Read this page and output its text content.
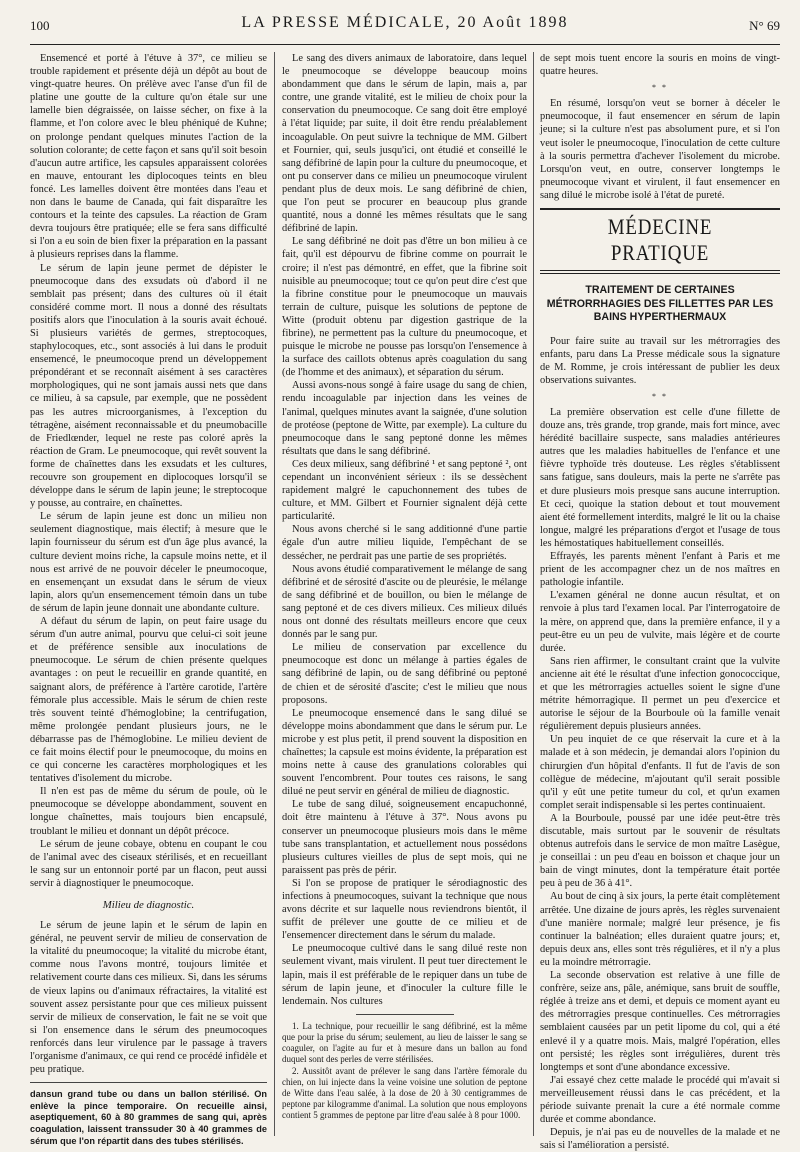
100	LA PRESSE MÉDICALE, 20 Août 1898	N° 69

Ensemencé et porté à l'étuve à 37°, ce milieu se trouble rapidement et présente déjà un dépôt au bout de vingt-quatre heures. On prélève avec l'anse d'un fil de platine une goutte de la culture qu'on étale sur une lamelle bien dégraissée, on laisse sécher, on fixe à la flamme, et l'on colore avec le bleu phéniqué de Kuhne; on prolonge pendant quelques minutes l'action de la solution colorante; de cette façon et sans qu'il soit besoin d'aucun autre artifice, les capsules apparaissent colorées en mauve, entourant les diplocoques teints en bleu foncé. Les lamelles doivent être montées dans l'eau et non dans le baume de Canada, qui fait disparaître les contours et la teinte des capsules. La réaction de Gram devra toujours être pratiquée; elle se fera sans difficulté si l'on a eu soin de bien fixer la préparation en la passant à plusieurs reprises dans la flamme.

Le sérum de lapin jeune permet de dépister le pneumocoque dans des exsudats où d'abord il ne semblait pas présent; dans des cultures où il était considéré comme mort. Il nous a donné des résultats positifs alors que l'inoculation à la souris avait échoué. Si plusieurs variétés de germes, streptocoques, staphylocoques, etc., sont associés à lui dans le produit ensemencé, le pneumocoque prend un développement prépondérant et se reconnaît aisément à ses caractères morphologiques, qui ne sont jamais aussi nets que dans ce milieu, à sa capsule, par exemple, que ne possèdent pas les autres microorganismes, à l'exception du tétragène, aisément reconnaissable et du pneumobacille de Friedlœnder, lequel ne reste pas coloré après la réaction de Gram. Le pneumocoque, qui revêt souvent la forme de chaînettes dans les exsudats et les cultures, recouvre son groupement en diplocoques lorsqu'il se développe dans le sérum de lapin jeune; le streptocoque y pousse, au contraire, en chaînettes.

Le sérum de lapin jeune est donc un milieu non seulement diagnostique, mais électif; à mesure que le lapin fournisseur du sérum est d'un âge plus avancé, la culture devient moins riche, la capsule moins nette, et il nous est arrivé de ne pouvoir déceler le pneumocoque, en ensemençant un exsudat dans le sérum de vieux lapin, alors qu'un ensemencement témoin dans un tube de sérum de lapin jeune donnait une abondante culture.

A défaut du sérum de lapin, on peut faire usage du sérum d'un autre animal, pourvu que celui-ci soit jeune et de préférence sensible aux inoculations de pneumocoque. Le sérum de chien présente quelques avantages : on peut le recueillir en grande quantité, en saignant alors, de préférence à l'artère carotide, l'artère fémorale plus accessible. Mais le sérum de chien reste très souvent teinté d'hémoglobine; la centrifugation, même prolongée pendant plusieurs jours, ne le débarrasse pas de l'hémoglobine. Le milieu devient de ce fait moins électif pour le pneumocoque, du moins en ce qui concerne les caractères morphologiques et les tentatives d'isolement du microbe.

Il n'en est pas de même du sérum de poule, où le pneumocoque se développe abondamment, souvent en longue chaînettes, mais toujours bien encapsulé, troublant le milieu et donnant un dépôt précoce.

Le sérum de jeune cobaye, obtenu en coupant le cou de l'animal avec des ciseaux stérilisés, et en recueillant le sang sur un entonnoir porté par un flacon, peut aussi servir à diagnostiquer le pneumocoque.

Milieu de diagnostic.

Le sérum de jeune lapin et le sérum de lapin en général, ne peuvent servir de milieu de conservation de la vitalité du pneumocoque; la vitalité du microbe étant, comme nous l'avons montré, toujours limitée et relativement courte dans ces milieux. Si, dans les sérums de vieux lapins ou d'animaux réfractaires, la vitalité est souvent assez persistante pour que ces milieux puissent servir de milieux de conservation, le fait ne se voit que si l'on ensemence dans le sérum des pneumocoques renforcés dans leur virulence par le passage à travers l'organisme d'animaux, ce qui rend ce procédé infidèle et peu pratique.

dansun grand tube ou dans un ballon stérilisé. On enlève la pince temporaire. On recueille ainsi, aseptiquement, 60 à 80 grammes de sang qui, après coagulation, laissent transsuder 30 à 40 grammes de sérum que l'on répartit dans des tubes stérilisés.

Le sang des divers animaux de laboratoire, dans lequel le pneumocoque se développe beaucoup moins abondamment que dans le sérum de lapin, mais a, par contre, une grande vitalité, est le milieu de choix pour la conservation du pneumocoque. Ce sang doit être employé à l'état liquide; par suite, il doit être rendu préalablement incoagulable. On peut suivre la technique de MM. Gilbert et Fournier, qui, seuls jusqu'ici, ont étudié et conseillé le sang défibriné de lapin pour la culture du pneumocoque, et ont pu conserver dans ce milieu un pneumocoque virulent pendant plus de deux mois. Le sang défibriné de chien, que l'on peut se procurer en beaucoup plus grande quantité, nous a donné les mêmes résultats que le sang défibriné de lapin.

Le sang défibriné ne doit pas d'être un bon milieu à ce fait, qu'il est dépourvu de fibrine comme on pourrait le croire; il n'est pas démontré, en effet, que la fibrine soit nuisible au pneumocoque; tout ce qu'on peut dire c'est que la fibrine constitue pour le pneumocoque un mauvais terrain de culture, puisque les solutions de peptone de Witte (produit obtenu par digestion gastrique de la fibrine), ne permettent pas la culture du pneumocoque, et puisque le microbe ne pousse pas lorsqu'on l'ensemence à la surface des caillots obtenus après coagulation du sang (de l'homme et des animaux), et séparation du sérum.

Aussi avons-nous songé à faire usage du sang de chien, rendu incoagulable par injection dans les veines de l'animal, quelques minutes avant la saignée, d'une solution de protéose (peptone de Witte, par exemple). La culture du pneumocoque dans le sang peptoné donne les mêmes résultats que dans le sang défibriné.

Ces deux milieux, sang défibriné ¹ et sang peptoné ², ont cependant un inconvénient sérieux : ils se dessèchent rapidement malgré le capuchonnement des tubes de culture, et MM. Gilbert et Fournier signalent déjà cette particularité.

Nous avons cherché si le sang additionné d'une partie égale d'un autre milieu liquide, l'empêchant de se dessécher, ne perdrait pas une partie de ses propriétés.

Nous avons étudié comparativement le mélange de sang défibriné et de sérosité d'ascite ou de pleurésie, le mélange de sang défibriné et de bouillon, ou bien le mélange de sang peptoné et de ces divers milieux. Ces milieux dilués nous ont donné des résultats meilleurs encore que ceux donnés par le sang pur.

Le milieu de conservation par excellence du pneumocoque est donc un mélange à parties égales de sang défibriné de lapin, ou de sang défibriné ou peptoné de chien et de sérosité d'ascite; c'est le milieu que nous proposons.

Le pneumocoque ensemencé dans le sang dilué se développe moins abondamment que dans le sérum pur. Le microbe y est plus petit, il prend souvent la disposition en chaînettes; la capsule est moins évidente, la préparation est moins nette à cause des granulations colorables qui souvent l'encombrent. Pour toutes ces raisons, le sang dilué ne peut servir en général de milieu de diagnostic.

Le tube de sang dilué, soigneusement encapuchonné, doit être maintenu à l'étuve à 37°. Nous avons pu conserver un pneumocoque plusieurs mois dans le même tube sans transplantation, et actuellement nous possédons plusieurs cultures vieilles de plus de sept mois, qui ne paraissent pas près de périr.

Si l'on se propose de pratiquer le sérodiagnostic des infections à pneumocoques, suivant la technique que nous avons décrite et sur laquelle nous reviendrons bientôt, il suffit de prélever une goutte de ce milieu et de l'ensemencer directement dans le sérum du malade.

Le pneumocoque cultivé dans le sang dilué reste non seulement vivant, mais virulent. Il peut tuer directement le lapin, mais il est préférable de le repiquer dans un tube de sérum de lapin jeune, et d'inoculer la culture fille le lendemain. Nos cultures

1. La technique, pour recueillir le sang défibriné, est la même que pour la prise du sérum; seulement, au lieu de laisser le sang se coaguler, on l'agite au fur et à mesure dans un ballon au fond duquel sont des perles de verre stérilisées.

2. Aussitôt avant de prélever le sang dans l'artère fémorale du chien, on lui injecte dans la veine voisine une solution de peptone de Witte dans l'eau salée, à la dose de 20 à 30 centigrammes de peptone par kilogramme d'animal. La solution que nous employons contient 5 grammes de peptone par litre d'eau salée à 8 pour 1000.

de sept mois tuent encore la souris en moins de vingt-quatre heures.

* *

En résumé, lorsqu'on veut se borner à déceler le pneumocoque, il faut ensemencer en sérum de lapin jeune; si la culture n'est pas absolument pure, et si l'on veut isoler le pneumocoque, l'inoculation de cette culture à la souris permettra d'achever l'isolement du microbe. Lorsqu'on veut, en outre, conserver longtemps le pneumocoque vivant et virulent, il faut ensemencer en sang dilué le microbe isolé à l'état de pureté.

MÉDECINE PRATIQUE
TRAITEMENT DE CERTAINES MÉTRORRHAGIES DES FILLETTES PAR LES BAINS HYPERTHERMAUX

Pour faire suite au travail sur les métrorragies des enfants, paru dans La Presse médicale sous la signature de M. Romme, je crois intéressant de publier les deux observations suivantes.

* *

La première observation est celle d'une fillette de douze ans, très grande, trop grande, mais fort mince, avec hérédité bacillaire suspecte, sans maladies antérieures autres que les maladies habituelles de l'enfance et une fièvre typhoïde très douteuse. Les règles s'établissent sans fatigue, sans douleurs, mais la perte ne s'arrête pas et dure plusieurs mois presque sans aucune interruption. Et ceci, quoique la station debout et tout mouvement aient été formellement interdits, malgré le lit ou la chaise longue, malgré les préparations d'ergot et l'usage de tous les hémostatiques habituellement conseillés.

Effrayés, les parents mènent l'enfant à Paris et me prient de les accompagner chez un de nos maîtres en pathologie infantile.

L'examen général ne donne aucun résultat, et on renvoie à plus tard l'examen local. Par l'interrogatoire de la mère, on apprend que, dans la première enfance, il y a peut-être eu un peu de vulvite, mais légère et de courte durée.

Sans rien affirmer, le consultant craint que la vulvite ancienne ait été le résultat d'une infection gonococcique, et que les métrorragies actuelles soient le signe d'une métrite hémorragique. Il permet un peu d'exercice et autorise le séjour de la Bourboule où la famille venait régulièrement depuis plusieurs années.

Un peu inquiet de ce que réservait la cure et à la malade et à son médecin, je demandai alors l'opinion du chirurgien d'un hôpital d'enfants. Il fut de l'avis de son collègue de médecine, m'ajoutant qu'il serait possible qu'il y eût une petite tumeur du col, et qu'un examen complet serait indispensable si les pertes continuaient.

A la Bourboule, poussé par une idée peut-être très discutable, mais surtout par le souvenir de résultats obtenus autrefois dans le service de mon maître Lasègue, je conseillai : un peu d'eau en boisson et chaque jour un bain de vingt minutes, dont la température était portée peu à peu de 36 à 41°.

Au bout de cinq à six jours, la perte était complètement arrêtée. Une dizaine de jours après, les règles survenaient d'une manière normale; malgré leur présence, je fis continuer la balnéation; elles duraient quatre jours; et, depuis deux ans, elles sont très régulières, et il n'y a plus eu la moindre métrorragie.

La seconde observation est relative à une fille de confrère, seize ans, pâle, anémique, sans bruit de souffle, réglée à treize ans et demi, et depuis ce moment ayant eu des métrorragies presque continuelles. Ces métrorragies semblaient causées par un petit lipome du col, qui a été enlevé il y a quatre mois. Mais, malgré l'opération, elles ont persisté; les règles sont irrégulières, durent très longtemps et sont d'une abondance excessive.

J'ai essayé chez cette malade le procédé qui m'avait si merveilleusement réussi dans le cas précédent, et la période suivante prenait la cure a été normale comme durée et comme abondance.

Depuis, je n'ai pas eu de nouvelles de la malade et ne sais si l'amélioration a persisté.
